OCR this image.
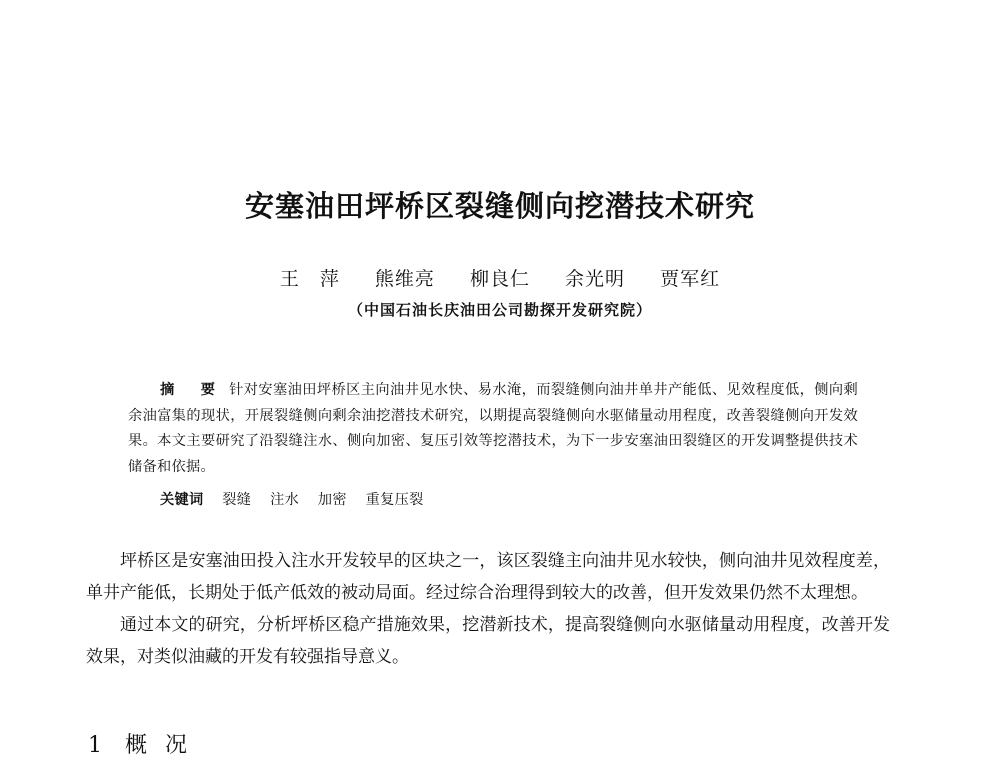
安塞油田坪桥区裂缝侧向挖潜技术研究
王　萍 熊维亮 柳良仁 余光明 贾军红
（中国石油长庆油田公司勘探开发研究院）
摘　要 针对安塞油田坪桥区主向油井见水快、易水淹，而裂缝侧向油井单井产能低、见效程度低，侧向剩余油富集的现状，开展裂缝侧向剩余油挖潜技术研究，以期提高裂缝侧向水驱储量动用程度，改善裂缝侧向开发效果。本文主要研究了沿裂缝注水、侧向加密、复压引效等挖潜技术，为下一步安塞油田裂缝区的开发调整提供技术储备和依据。
关键词 裂缝 注水 加密 重复压裂

坪桥区是安塞油田投入注水开发较早的区块之一，该区裂缝主向油井见水较快，侧向油井见效程度差，单井产能低，长期处于低产低效的被动局面。经过综合治理得到较大的改善，但开发效果仍然不太理想。

通过本文的研究，分析坪桥区稳产措施效果，挖潜新技术，提高裂缝侧向水驱储量动用程度，改善开发效果，对类似油藏的开发有较强指导意义。

1 概况
